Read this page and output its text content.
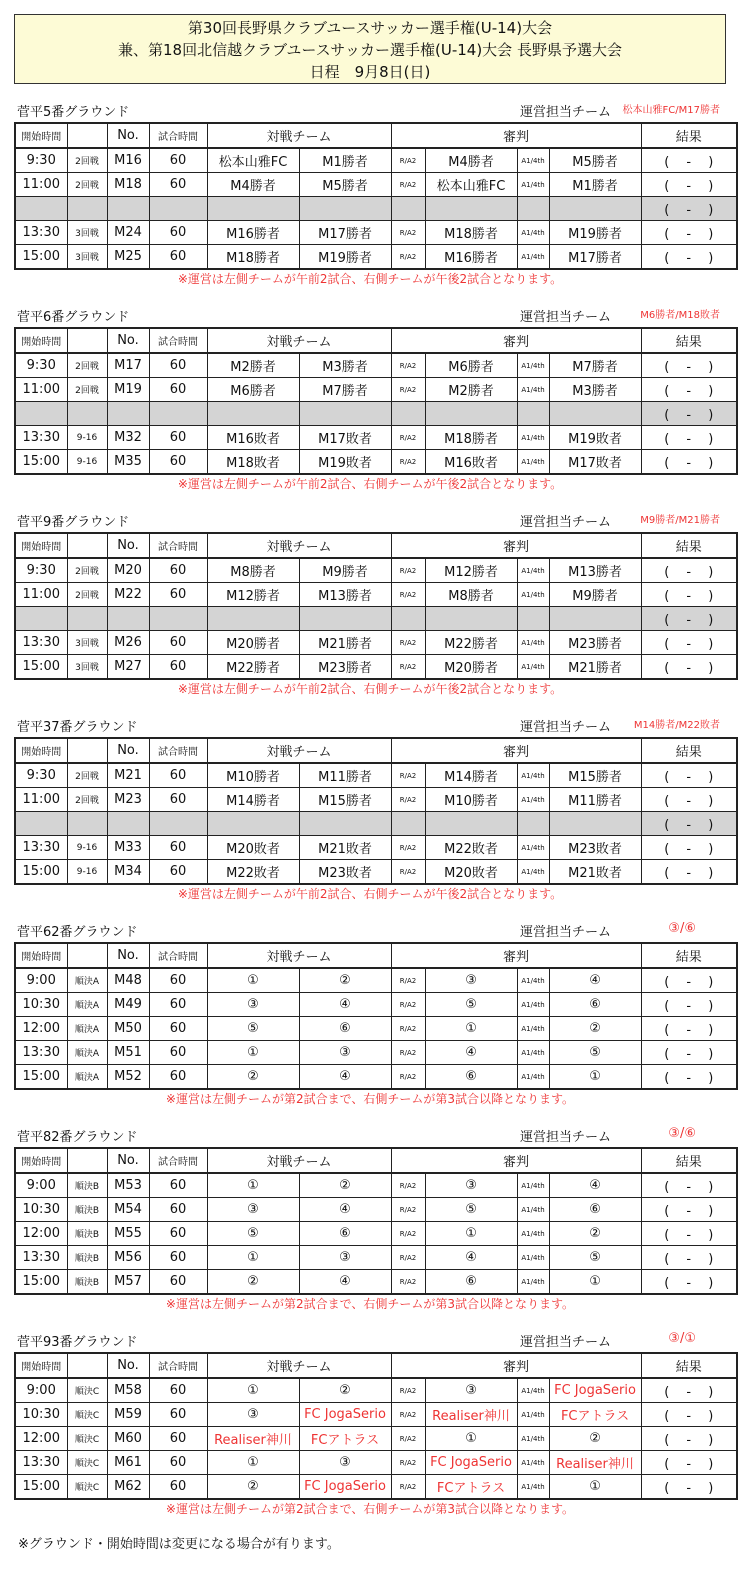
第30回長野県クラブユースサッカー選手権(U-14)大会
兼、第18回北信越クラブユースサッカー選手権(U-14)大会 長野県予選大会
日程　9月8日(日)
菅平5番グラウンド	運営担当チーム 松本山雅FC/M17勝者
開始時間		No.	試合時間	対戦チーム		審判				結果
9:30	2回戦	M16	60	松本山雅FC	M1勝者	R/A2	M4勝者	A1/4th	M5勝者	(　 -　 )
11:00	2回戦	M18	60	M4勝者	M5勝者	R/A2	松本山雅FC	A1/4th	M1勝者	(　 -　 )
										(　 -　 )
13:30	3回戦	M24	60	M16勝者	M17勝者	R/A2	M18勝者	A1/4th	M19勝者	(　 -　 )
15:00	3回戦	M25	60	M18勝者	M19勝者	R/A2	M16勝者	A1/4th	M17勝者	(　 -　 )
※運営は左側チームが午前2試合、右側チームが午後2試合となります。
菅平6番グラウンド	運営担当チーム	M6勝者/M18敗者
開始時間		No.	試合時間	対戦チーム		審判				結果
9:30	2回戦	M17	60	M2勝者	M3勝者	R/A2	M6勝者	A1/4th	M7勝者	(　 -　 )
11:00	2回戦	M19	60	M6勝者	M7勝者	R/A2	M2勝者	A1/4th	M3勝者	(　 -　 )
										(　 -　 )
13:30	9-16	M32	60	M16敗者	M17敗者	R/A2	M18勝者	A1/4th	M19敗者	(　 -　 )
15:00	9-16	M35	60	M18敗者	M19敗者	R/A2	M16敗者	A1/4th	M17敗者	(　 -　 )
※運営は左側チームが午前2試合、右側チームが午後2試合となります。
菅平9番グラウンド	運営担当チーム	M9勝者/M21勝者
開始時間		No.	試合時間	対戦チーム		審判				結果
9:30	2回戦	M20	60	M8勝者	M9勝者	R/A2	M12勝者	A1/4th	M13勝者	(　 -　 )
11:00	2回戦	M22	60	M12勝者	M13勝者	R/A2	M8勝者	A1/4th	M9勝者	(　 -　 )
										(　 -　 )
13:30	3回戦	M26	60	M20勝者	M21勝者	R/A2	M22勝者	A1/4th	M23勝者	(　 -　 )
15:00	3回戦	M27	60	M22勝者	M23勝者	R/A2	M20勝者	A1/4th	M21勝者	(　 -　 )
※運営は左側チームが午前2試合、右側チームが午後2試合となります。
菅平37番グラウンド	運営担当チーム M14勝者/M22敗者
開始時間		No.	試合時間	対戦チーム		審判				結果
9:30	2回戦	M21	60	M10勝者	M11勝者	R/A2	M14勝者	A1/4th	M15勝者	(　 -　 )
11:00	2回戦	M23	60	M14勝者	M15勝者	R/A2	M10勝者	A1/4th	M11勝者	(　 -　 )
										(　 -　 )
13:30	9-16	M33	60	M20敗者	M21敗者	R/A2	M22敗者	A1/4th	M23敗者	(　 -　 )
15:00	9-16	M34	60	M22敗者	M23敗者	R/A2	M20敗者	A1/4th	M21敗者	(　 -　 )
※運営は左側チームが午前2試合、右側チームが午後2試合となります。
菅平62番グラウンド	運営担当チーム	③/⑥
開始時間		No.	試合時間	対戦チーム		審判				結果
9:00	順決A	M48	60	①	②	R/A2	③	A1/4th	④	(　 -　 )
10:30	順決A	M49	60	③	④	R/A2	⑤	A1/4th	⑥	(　 -　 )
12:00	順決A	M50	60	⑤	⑥	R/A2	①	A1/4th	②	(　 -　 )
13:30	順決A	M51	60	①	③	R/A2	④	A1/4th	⑤	(　 -　 )
15:00	順決A	M52	60	②	④	R/A2	⑥	A1/4th	①	(　 -　 )
※運営は左側チームが第2試合まで、右側チームが第3試合以降となります。
菅平82番グラウンド	運営担当チーム	③/⑥
開始時間		No.	試合時間	対戦チーム		審判				結果
9:00	順決B	M53	60	①	②	R/A2	③	A1/4th	④	(　 -　 )
10:30	順決B	M54	60	③	④	R/A2	⑤	A1/4th	⑥	(　 -　 )
12:00	順決B	M55	60	⑤	⑥	R/A2	①	A1/4th	②	(　 -　 )
13:30	順決B	M56	60	①	③	R/A2	④	A1/4th	⑤	(　 -　 )
15:00	順決B	M57	60	②	④	R/A2	⑥	A1/4th	①	(　 -　 )
※運営は左側チームが第2試合まで、右側チームが第3試合以降となります。
菅平93番グラウンド	運営担当チーム	③/①
開始時間		No.	試合時間	対戦チーム		審判				結果
9:00	順決C	M58	60	①	②	R/A2	③	A1/4th	FC JogaSerio	(　 -　 )
10:30	順決C	M59	60	③	FC JogaSerio	R/A2	Realiser神川	A1/4th	FCアトラス	(　 -　 )
12:00	順決C	M60	60	Realiser神川	FCアトラス	R/A2	①	A1/4th	②	(　 -　 )
13:30	順決C	M61	60	①	③	R/A2	FC JogaSerio	A1/4th	Realiser神川	(　 -　 )
15:00	順決C	M62	60	②	FC JogaSerio	R/A2	FCアトラス	A1/4th	①	(　 -　 )
※運営は左側チームが第2試合まで、右側チームが第3試合以降となります。
※グラウンド・開始時間は変更になる場合が有ります。
